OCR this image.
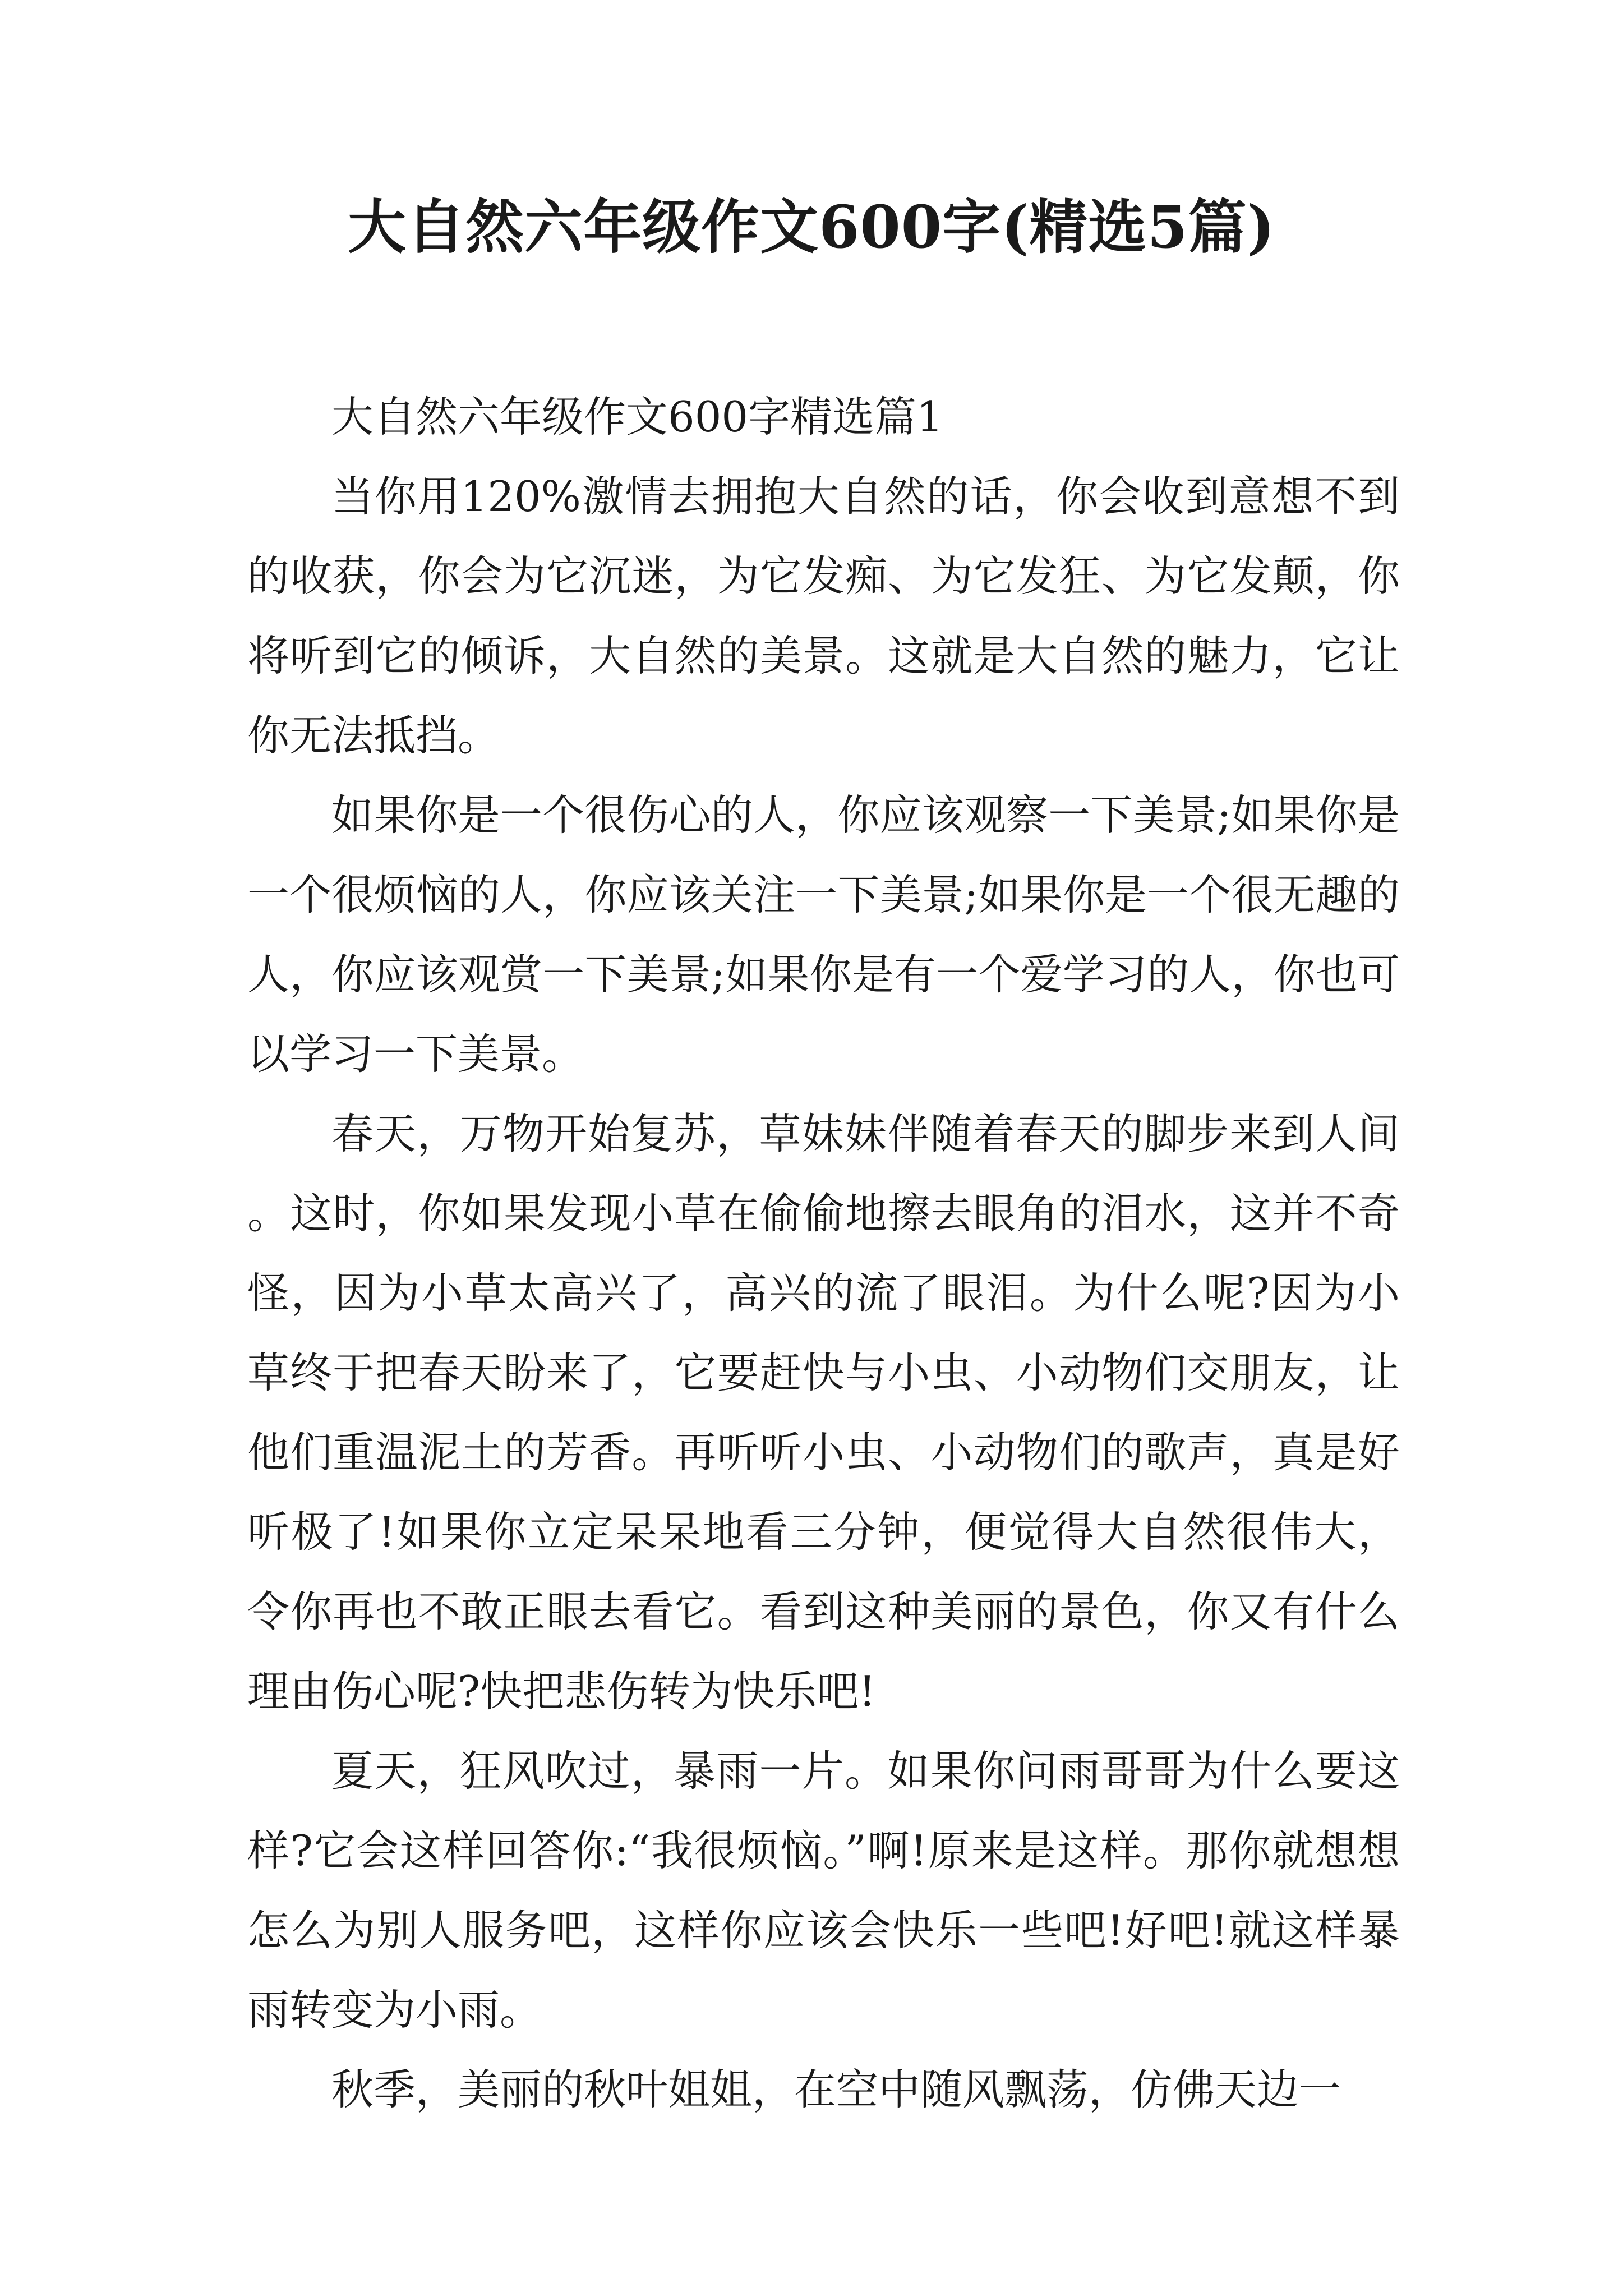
大自然六年级作文600字(精选5篇)

大自然六年级作文600字精选篇1

当你用120%激情去拥抱大自然的话，你会收到意想不到的收获，你会为它沉迷，为它发痴、为它发狂、为它发颠，你将听到它的倾诉，大自然的美景。这就是大自然的魅力，它让你无法抵挡。

如果你是一个很伤心的人，你应该观察一下美景;如果你是一个很烦恼的人，你应该关注一下美景;如果你是一个很无趣的人，你应该观赏一下美景;如果你是有一个爱学习的人，你也可以学习一下美景。

春天，万物开始复苏，草妹妹伴随着春天的脚步来到人间。这时，你如果发现小草在偷偷地擦去眼角的泪水，这并不奇怪，因为小草太高兴了，高兴的流了眼泪。为什么呢?因为小草终于把春天盼来了，它要赶快与小虫、小动物们交朋友，让他们重温泥土的芳香。再听听小虫、小动物们的歌声，真是好听极了!如果你立定呆呆地看三分钟，便觉得大自然很伟大，令你再也不敢正眼去看它。看到这种美丽的景色，你又有什么理由伤心呢?快把悲伤转为快乐吧!

夏天，狂风吹过，暴雨一片。如果你问雨哥哥为什么要这样?它会这样回答你:“我很烦恼。”啊!原来是这样。那你就想想怎么为别人服务吧，这样你应该会快乐一些吧!好吧!就这样暴雨转变为小雨。

秋季，美丽的秋叶姐姐，在空中随风飘荡，仿佛天边一
